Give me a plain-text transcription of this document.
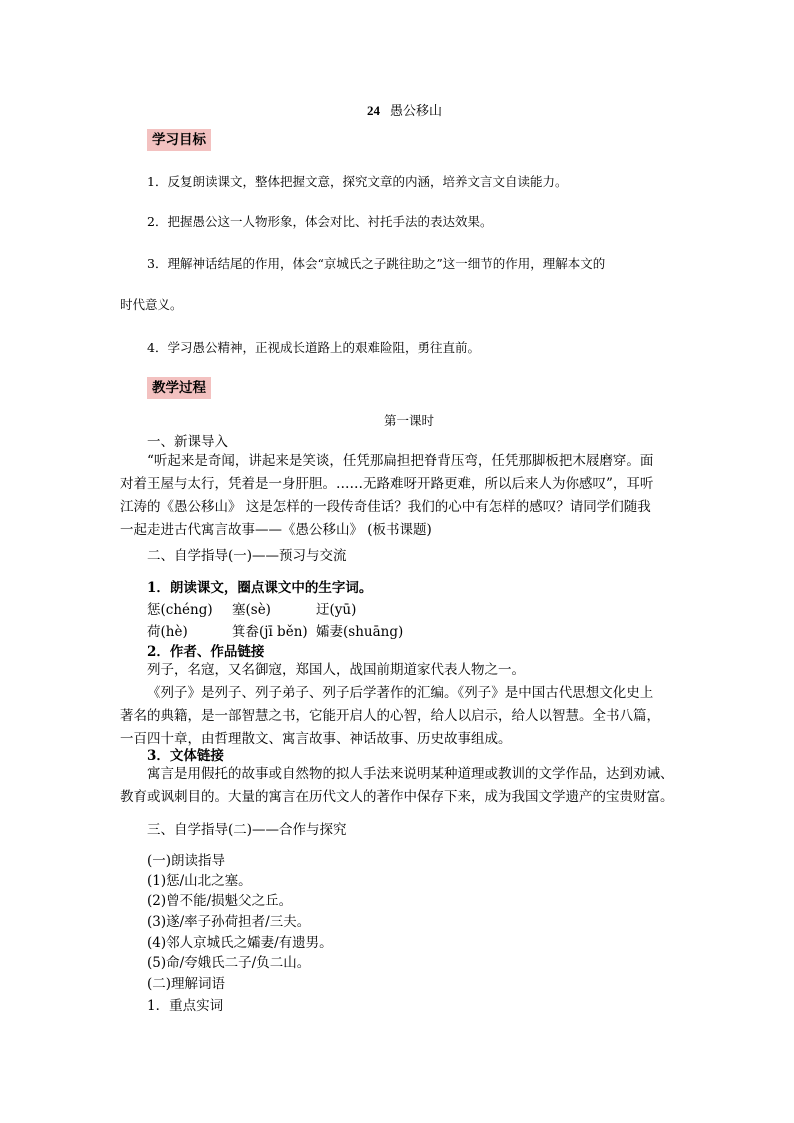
24 愚公移山
学习目标
1．反复朗读课文，整体把握文意，探究文章的内涵，培养文言文自读能力。
2．把握愚公这一人物形象，体会对比、衬托手法的表达效果。
3．理解神话结尾的作用，体会“京城氏之子跳往助之”这一细节的作用，理解本文的
时代意义。
4．学习愚公精神，正视成长道路上的艰难险阻，勇往直前。
教学过程
第一课时
一、新课导入
“听起来是奇闻，讲起来是笑谈，任凭那扁担把脊背压弯，任凭那脚板把木屐磨穿。面
对着王屋与太行，凭着是一身肝胆。……无路难呀开路更难，所以后来人为你感叹”，耳听
江涛的《愚公移山》 这是怎样的一段传奇佳话？我们的心中有怎样的感叹？请同学们随我
一起走进古代寓言故事——《愚公移山》 (板书课题)
二、自学指导(一)——预习与交流
1．朗读课文，圈点课文中的生字词。
惩(chéng) 塞(sè)	迂(yū)
荷(hè)	箕畚(jī běn) 孀妻(shuāng)
2．作者、作品链接
列子，名寇，又名御寇，郑国人，战国前期道家代表人物之一。
《列子》是列子、列子弟子、列子后学著作的汇编。《列子》是中国古代思想文化史上
著名的典籍，是一部智慧之书，它能开启人的心智，给人以启示，给人以智慧。全书八篇，
一百四十章，由哲理散文、寓言故事、神话故事、历史故事组成。
3．文体链接
寓言是用假托的故事或自然物的拟人手法来说明某种道理或教训的文学作品，达到劝诫、
教育或讽刺目的。大量的寓言在历代文人的著作中保存下来，成为我国文学遗产的宝贵财富。
三、自学指导(二)——合作与探究
(一)朗读指导
(1)惩/山北之塞。
(2)曾不能/损魁父之丘。
(3)遂/率子孙荷担者/三夫。
(4)邻人京城氏之孀妻/有遗男。
(5)命/夸娥氏二子/负二山。
(二)理解词语
1．重点实词
